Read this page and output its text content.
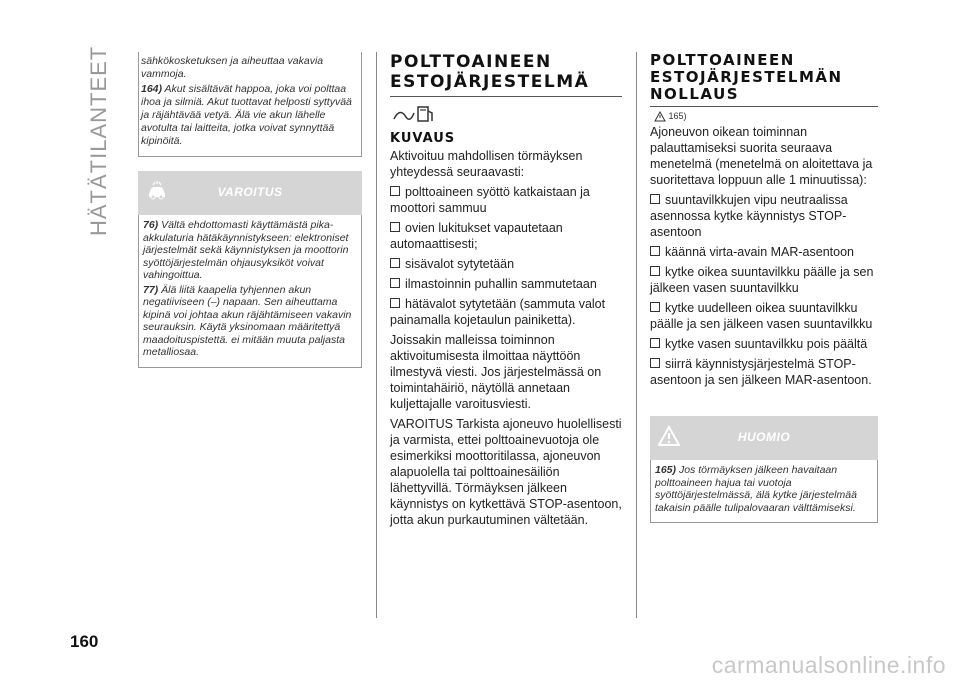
HÄTÄTILANTEET	sähkökosketuksen ja aiheuttaa vakavia vammoja.

164) Akut sisältävät happoa, joka voi polttaa ihoa ja silmiä. Akut tuottavat helposti syttyvää ja räjähtävää vetyä. Älä vie akun lähelle avotulta tai laitteita, jotka voivat synnyttää kipinöitä.

VAROITUS

76) Vältä ehdottomasti käyttämästä pika-akkulaturia hätäkäynnistykseen: elektroniset järjestelmät sekä käynnistyksen ja moottorin syöttöjärjestelmän ohjausyksiköt voivat vahingoittua.

77) Älä liitä kaapelia tyhjennen akun negatiiviseen (–) napaan. Sen aiheuttama kipinä voi johtaa akun räjähtämiseen vakavin seurauksin. Käytä yksinomaan määritettyä maadoituspistettä. ei mitään muuta paljasta metalliosaa.

POLTTOAINEEN ESTOJÄRJESTELMÄ
KUVAUS

Aktivoituu mahdollisen törmäyksen yhteydessä seuraavasti:

polttoaineen syöttö katkaistaan ja moottori sammuu

ovien lukitukset vapautetaan automaattisesti;

sisävalot sytytetään

ilmastoinnin puhallin sammutetaan

hätävalot sytytetään (sammuta valot painamalla kojetaulun painiketta).

Joissakin malleissa toiminnon aktivoitumisesta ilmoittaa näyttöön ilmestyvä viesti. Jos järjestelmässä on toimintahäiriö, näytöllä annetaan kuljettajalle varoitusviesti.

VAROITUS Tarkista ajoneuvo huolellisesti ja varmista, ettei polttoainevuotoja ole esimerkiksi moottoritilassa, ajoneuvon alapuolella tai polttoainesäiliön lähettyvillä. Törmäyksen jälkeen käynnistys on kytkettävä STOP-asentoon, jotta akun purkautuminen vältetään.

POLTTOAINEEN ESTOJÄRJESTELMÄN NOLLAUS
165)

Ajoneuvon oikean toiminnan palauttamiseksi suorita seuraava menetelmä (menetelmä on aloitettava ja suoritettava loppuun alle 1 minuutissa):

suuntavilkkujen vipu neutraalissa asennossa kytke käynnistys STOP-asentoon

käännä virta-avain MAR-asentoon

kytke oikea suuntavilkku päälle ja sen jälkeen vasen suuntavilkku

kytke uudelleen oikea suuntavilkku päälle ja sen jälkeen vasen suuntavilkku

kytke vasen suuntavilkku pois päältä

siirrä käynnistysjärjestelmä STOP-asentoon ja sen jälkeen MAR-asentoon.

HUOMIO

165) Jos törmäyksen jälkeen havaitaan polttoaineen hajua tai vuotoja syöttöjärjestelmässä, älä kytke järjestelmää takaisin päälle tulipalovaaran välttämiseksi.

160
carmanualsonline.info
